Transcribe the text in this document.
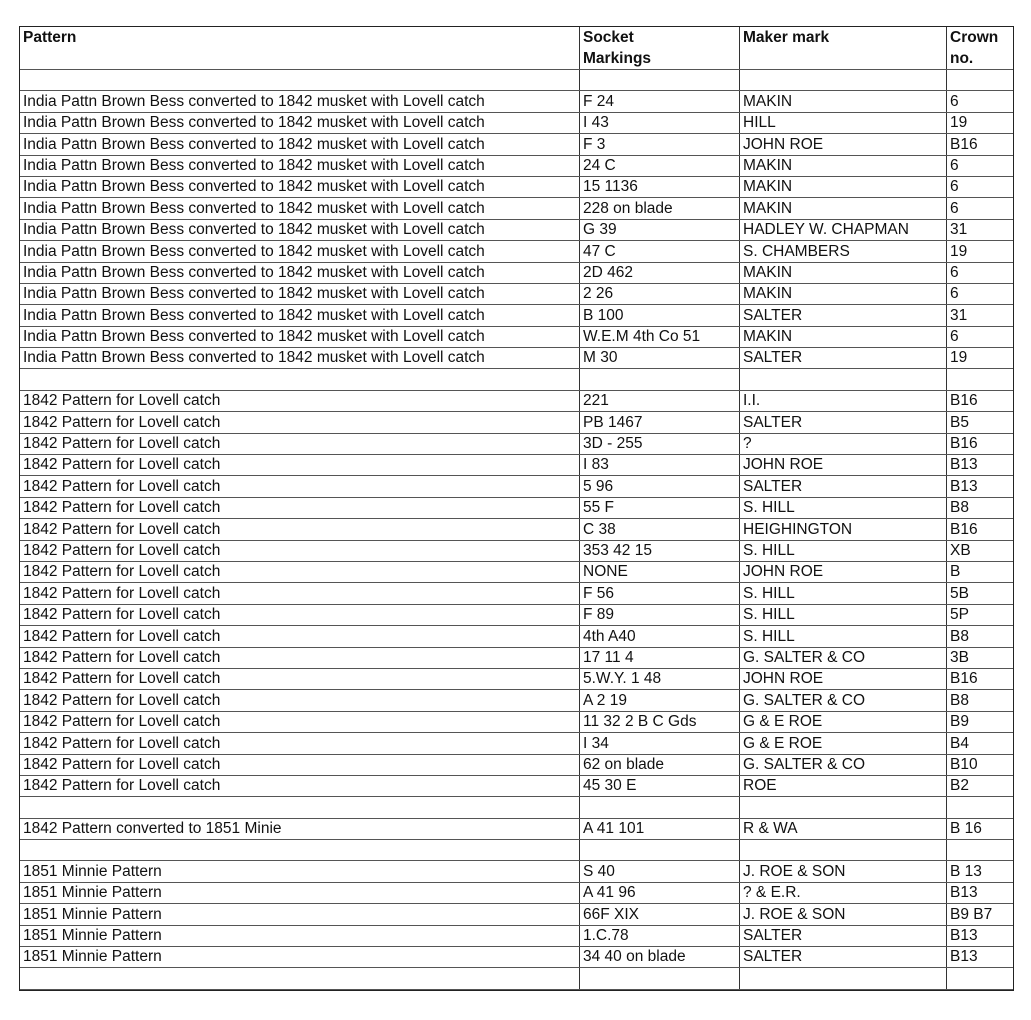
Pattern	Socket	Maker mark	Crown
	Markings		no.

India Pattn Brown Bess converted to 1842 musket with Lovell catch	F 24	MAKIN	6
India Pattn Brown Bess converted to 1842 musket with Lovell catch	I 43	HILL	19
India Pattn Brown Bess converted to 1842 musket with Lovell catch	F 3	JOHN ROE	B16
India Pattn Brown Bess converted to 1842 musket with Lovell catch	24 C	MAKIN	6
India Pattn Brown Bess converted to 1842 musket with Lovell catch	15 1136	MAKIN	6
India Pattn Brown Bess converted to 1842 musket with Lovell catch	228 on blade	MAKIN	6
India Pattn Brown Bess converted to 1842 musket with Lovell catch	G 39	HADLEY W. CHAPMAN	31
India Pattn Brown Bess converted to 1842 musket with Lovell catch	47 C	S. CHAMBERS	19
India Pattn Brown Bess converted to 1842 musket with Lovell catch	2D 462	MAKIN	6
India Pattn Brown Bess converted to 1842 musket with Lovell catch	2 26	MAKIN	6
India Pattn Brown Bess converted to 1842 musket with Lovell catch	B 100	SALTER	31
India Pattn Brown Bess converted to 1842 musket with Lovell catch	W.E.M 4th Co 51	MAKIN	6
India Pattn Brown Bess converted to 1842 musket with Lovell catch	M 30	SALTER	19

1842 Pattern for Lovell catch	221	I.I.	B16
1842 Pattern for Lovell catch	PB 1467	SALTER	B5
1842 Pattern for Lovell catch	3D - 255	?	B16
1842 Pattern for Lovell catch	I 83	JOHN ROE	B13
1842 Pattern for Lovell catch	5 96	SALTER	B13
1842 Pattern for Lovell catch	55 F	S. HILL	B8
1842 Pattern for Lovell catch	C 38	HEIGHINGTON	B16
1842 Pattern for Lovell catch	353 42 15	S. HILL	XB
1842 Pattern for Lovell catch	NONE	JOHN ROE	B
1842 Pattern for Lovell catch	F 56	S. HILL	5B
1842 Pattern for Lovell catch	F 89	S. HILL	5P
1842 Pattern for Lovell catch	4th A40	S. HILL	B8
1842 Pattern for Lovell catch	17 11 4	G. SALTER & CO	3B
1842 Pattern for Lovell catch	5.W.Y. 1 48	JOHN ROE	B16
1842 Pattern for Lovell catch	A 2 19	G. SALTER & CO	B8
1842 Pattern for Lovell catch	11 32 2 B C Gds	G & E ROE	B9
1842 Pattern for Lovell catch	I 34	G & E ROE	B4
1842 Pattern for Lovell catch	62 on blade	G. SALTER & CO	B10
1842 Pattern for Lovell catch	45 30 E	ROE	B2

1842 Pattern converted to 1851 Minie	A 41 101	R & WA	B 16

1851 Minnie Pattern	S 40	J. ROE & SON	B 13
1851 Minnie Pattern	A 41 96	? & E.R.	B13
1851 Minnie Pattern	66F XIX	J. ROE & SON	B9 B7
1851 Minnie Pattern	1.C.78	SALTER	B13
1851 Minnie Pattern	34 40 on blade	SALTER	B13
